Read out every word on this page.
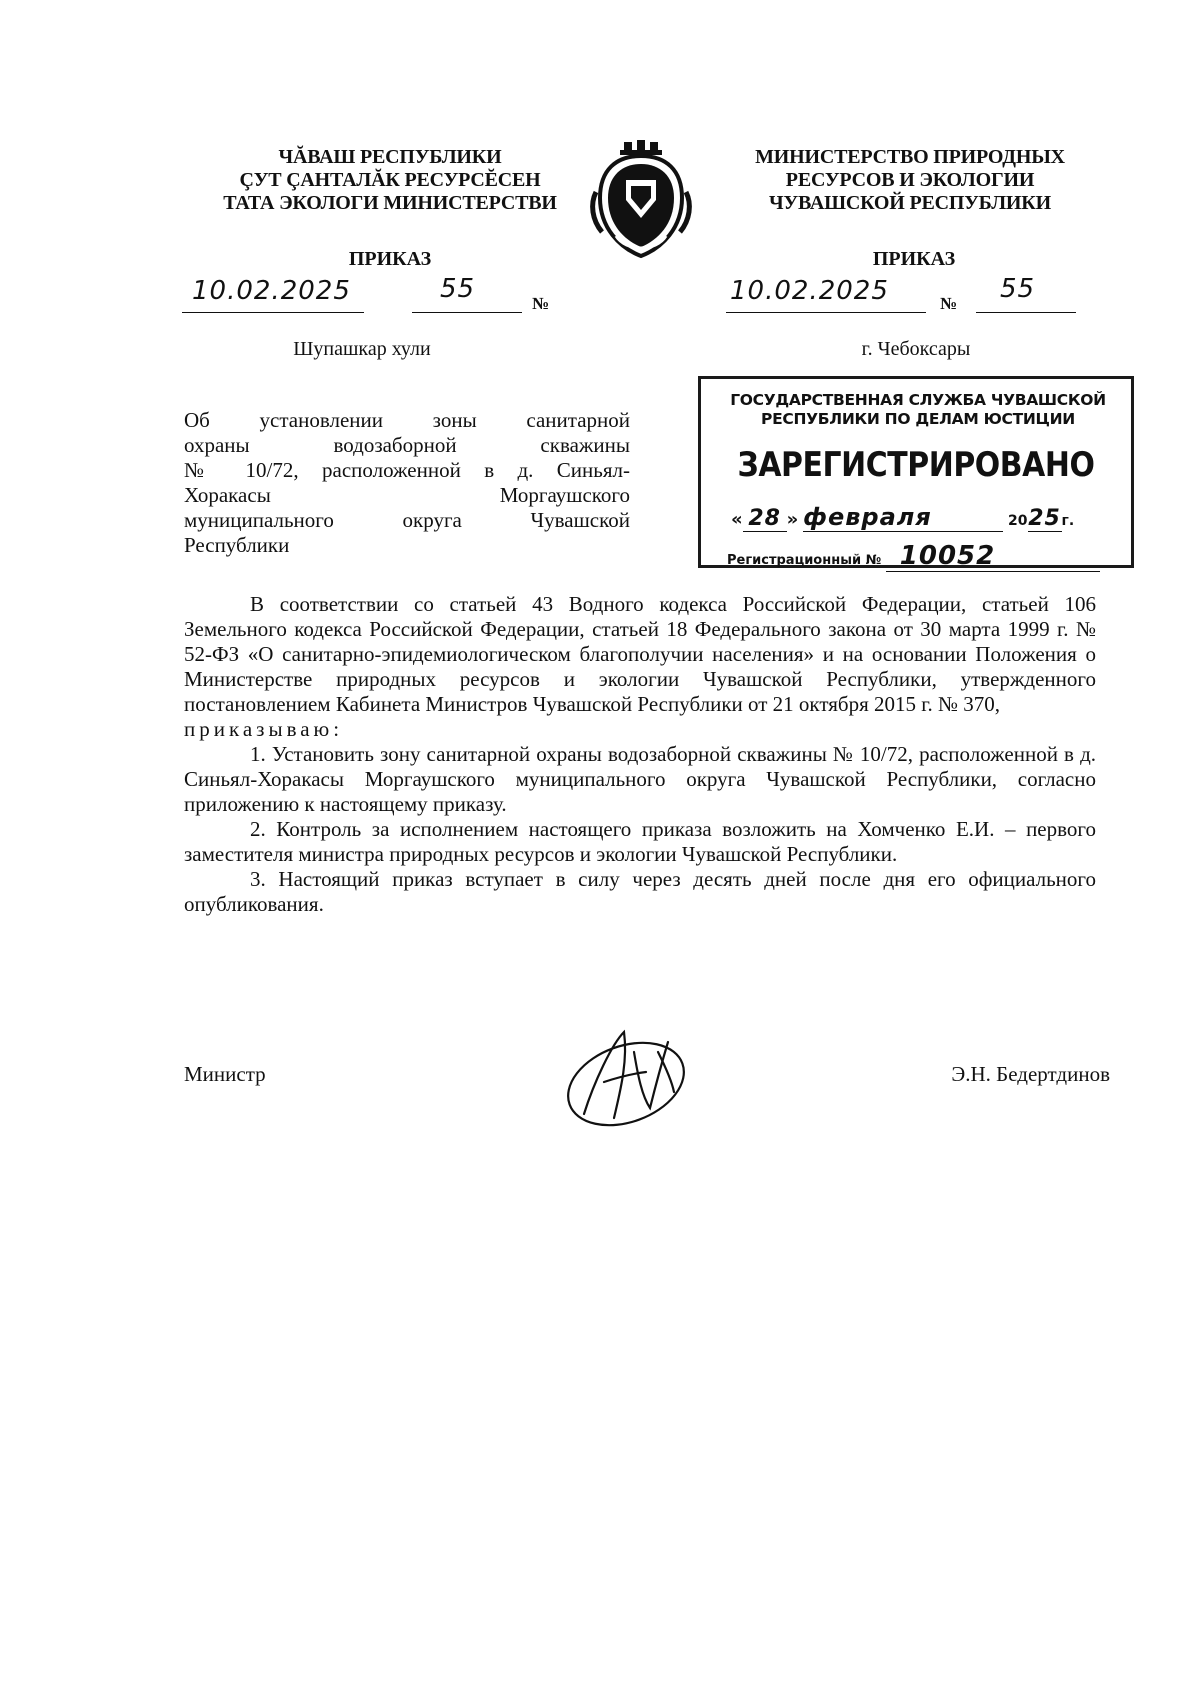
ЧĂВАШ РЕСПУБЛИКИ
ÇУТ ÇАНТАЛĂК РЕСУРСĔСЕН
ТАТА ЭКОЛОГИ МИНИСТЕРСТВИ
МИНИСТЕРСТВО ПРИРОДНЫХ
РЕСУРСОВ И ЭКОЛОГИИ
ЧУВАШСКОЙ РЕСПУБЛИКИ
ПРИКАЗ	ПРИКАЗ
10.02.2025	55	№	10.02.2025	№ 55
Шупашкар хули	г. Чебоксары
Об установлении зоны санитарной
охраны водозаборной скважины
№ 10/72, расположенной в д. Синьял-
Хоракасы Моргаушского
муниципального округа Чувашской
Республики
ГОСУДАРСТВЕННАЯ СЛУЖБА ЧУВАШСКОЙ
РЕСПУБЛИКИ ПО ДЕЛАМ ЮСТИЦИИ
ЗАРЕГИСТРИРОВАНО
« 28 » февраля	2025г.
Регистрационный № 10052

В соответствии со статьей 43 Водного кодекса Российской Федерации, статьей 106 Земельного кодекса Российской Федерации, статьей 18 Федерального закона от 30 марта 1999 г. № 52-ФЗ «О санитарно-эпидемиологическом благополучии населения» и на основании Положения о Министерстве природных ресурсов и экологии Чувашской Республики, утвержденного постановлением Кабинета Министров Чувашской Республики от 21 октября 2015 г. № 370,

приказываю:

1. Установить зону санитарной охраны водозаборной скважины № 10/72, расположенной в д. Синьял-Хоракасы Моргаушского муниципального округа Чувашской Республики, согласно приложению к настоящему приказу.

2. Контроль за исполнением настоящего приказа возложить на Хомченко Е.И. – первого заместителя министра природных ресурсов и экологии Чувашской Республики.

3. Настоящий приказ вступает в силу через десять дней после дня его официального опубликования.

Министр	Э.Н. Бедертдинов
